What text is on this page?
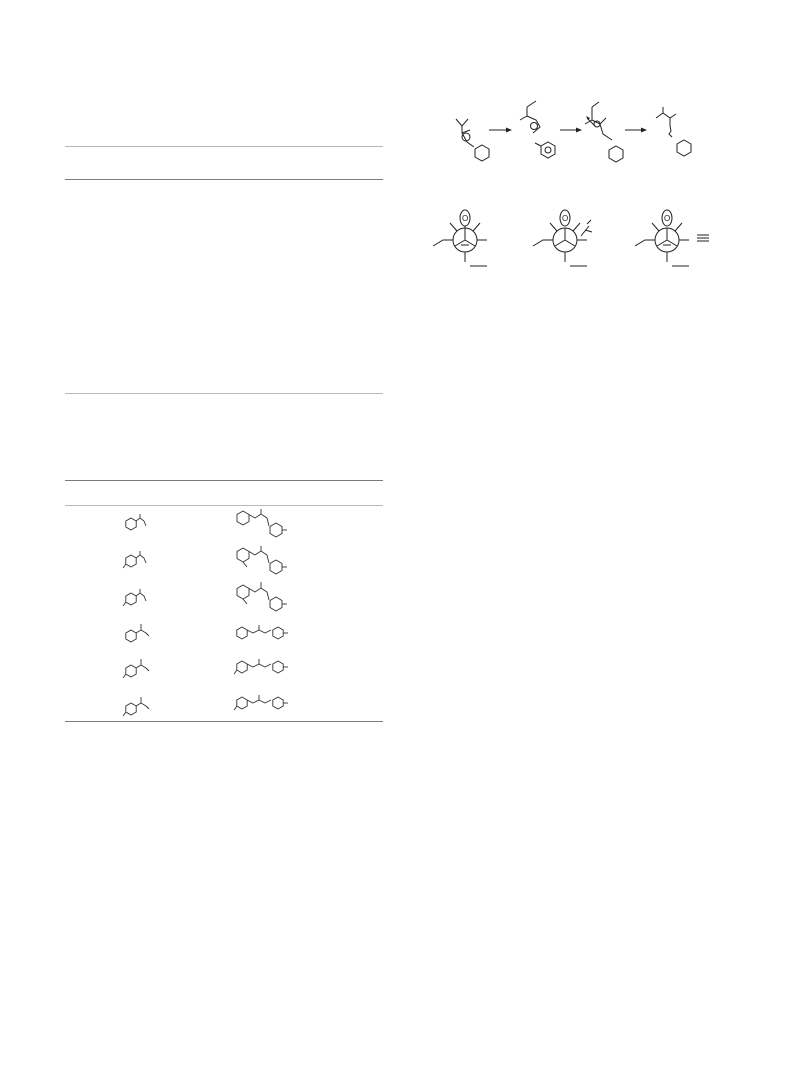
O	O	O
